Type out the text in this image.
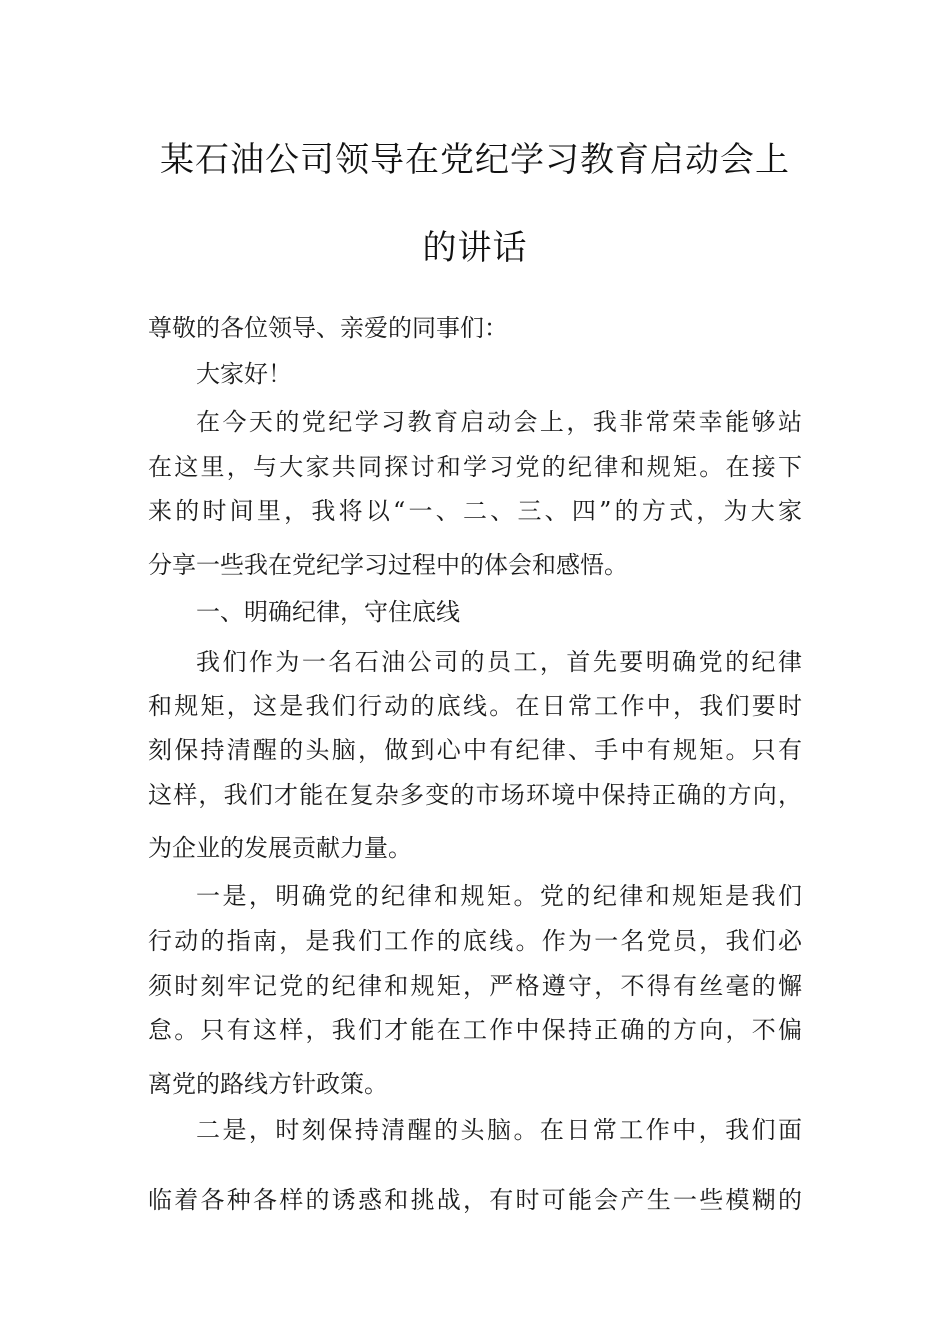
某石油公司领导在党纪学习教育启动会上
的讲话
尊敬的各位领导、亲爱的同事们：
大家好！
在今天的党纪学习教育启动会上，我非常荣幸能够站
在这里，与大家共同探讨和学习党的纪律和规矩。在接下
来的时间里，我将以“一、二、三、四”的方式，为大家
分享一些我在党纪学习过程中的体会和感悟。
一、明确纪律，守住底线
我们作为一名石油公司的员工，首先要明确党的纪律
和规矩，这是我们行动的底线。在日常工作中，我们要时
刻保持清醒的头脑，做到心中有纪律、手中有规矩。只有
这样，我们才能在复杂多变的市场环境中保持正确的方向，
为企业的发展贡献力量。
一是，明确党的纪律和规矩。党的纪律和规矩是我们
行动的指南，是我们工作的底线。作为一名党员，我们必
须时刻牢记党的纪律和规矩，严格遵守，不得有丝毫的懈
怠。只有这样，我们才能在工作中保持正确的方向，不偏
离党的路线方针政策。
二是，时刻保持清醒的头脑。在日常工作中，我们面
临着各种各样的诱惑和挑战，有时可能会产生一些模糊的
